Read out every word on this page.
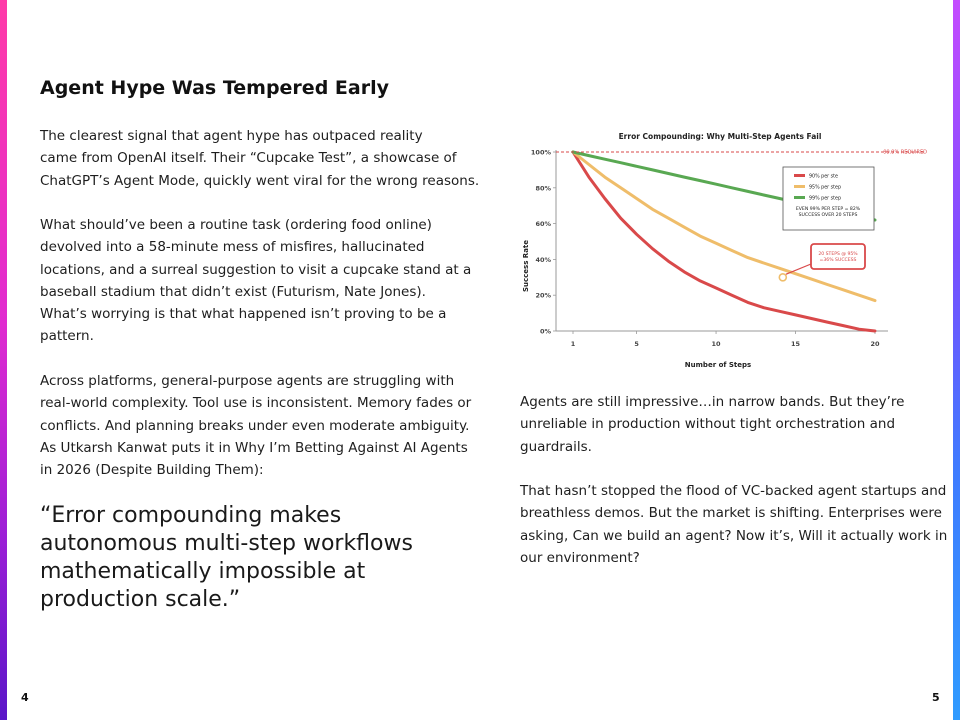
Agent Hype Was Tempered Early

The clearest signal that agent hype has outpaced reality
came from OpenAI itself. Their “Cupcake Test”, a showcase of
ChatGPT’s Agent Mode, quickly went viral for the wrong reasons.

What should’ve been a routine task (ordering food online)
devolved into a 58-minute mess of misfires, hallucinated
locations, and a surreal suggestion to visit a cupcake stand at a
baseball stadium that didn’t exist (Futurism, Nate Jones).
What’s worrying is that what happened isn’t proving to be a
pattern.

Across platforms, general-purpose agents are struggling with
real-world complexity. Tool use is inconsistent. Memory fades or
conflicts. And planning breaks under even moderate ambiguity.
As Utkarsh Kanwat puts it in Why I’m Betting Against AI Agents
in 2026 (Despite Building Them):

“Error compounding makes
autonomous multi-step workflows
mathematically impossible at
production scale.”
4
Error Compounding: Why Multi-Step Agents Fail
Success Rate
Number of Steps
0%
20%
40%
60%
80%
100%
1	5	10	15	20
99.9% REQUIRED
90% per ste
95% per step
99% per step
EVEN 99% PER STEP = 82%
SUCCESS OVER 20 STEPS
20 STEPS @ 95%
=36% SUCCESS

Agents are still impressive…in narrow bands. But they’re
unreliable in production without tight orchestration and
guardrails.

That hasn’t stopped the flood of VC-backed agent startups and
breathless demos. But the market is shifting. Enterprises were
asking, Can we build an agent? Now it’s, Will it actually work in
our environment?

5
